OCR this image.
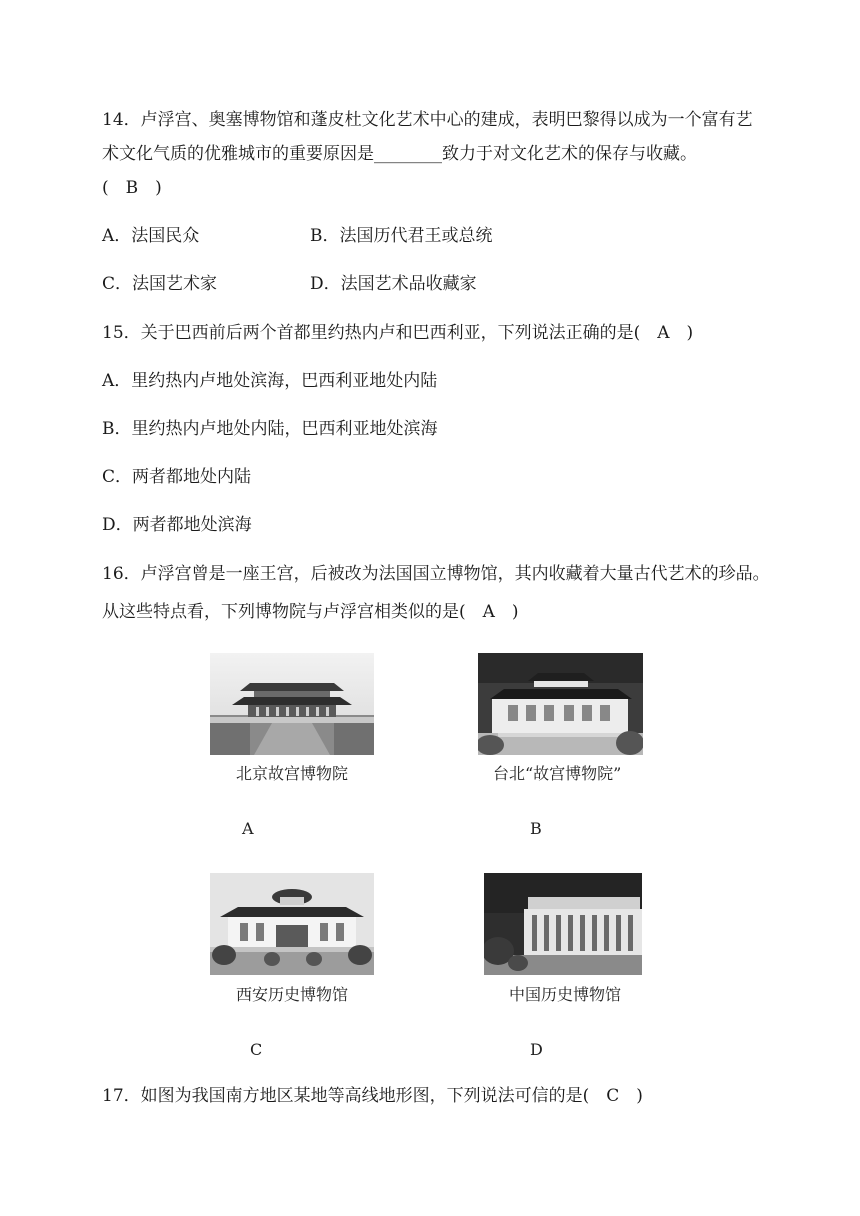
14．卢浮宫、奥塞博物馆和蓬皮杜文化艺术中心的建成，表明巴黎得以成为一个富有艺
术文化气质的优雅城市的重要原因是________致力于对文化艺术的保存与收藏。
(　B　)
A．法国民众	B．法国历代君王或总统
C．法国艺术家	D．法国艺术品收藏家
15．关于巴西前后两个首都里约热内卢和巴西利亚，下列说法正确的是(　A　)
A．里约热内卢地处滨海，巴西利亚地处内陆
B．里约热内卢地处内陆，巴西利亚地处滨海
C．两者都地处内陆
D．两者都地处滨海
16．卢浮宫曾是一座王宫，后被改为法国国立博物馆，其内收藏着大量古代艺术的珍品。
从这些特点看，下列博物院与卢浮宫相类似的是(　A　)
北京故宫博物院
A
台北“故宫博物院”
B
西安历史博物馆
C
中国历史博物馆
D
17．如图为我国南方地区某地等高线地形图，下列说法可信的是(　C　)
